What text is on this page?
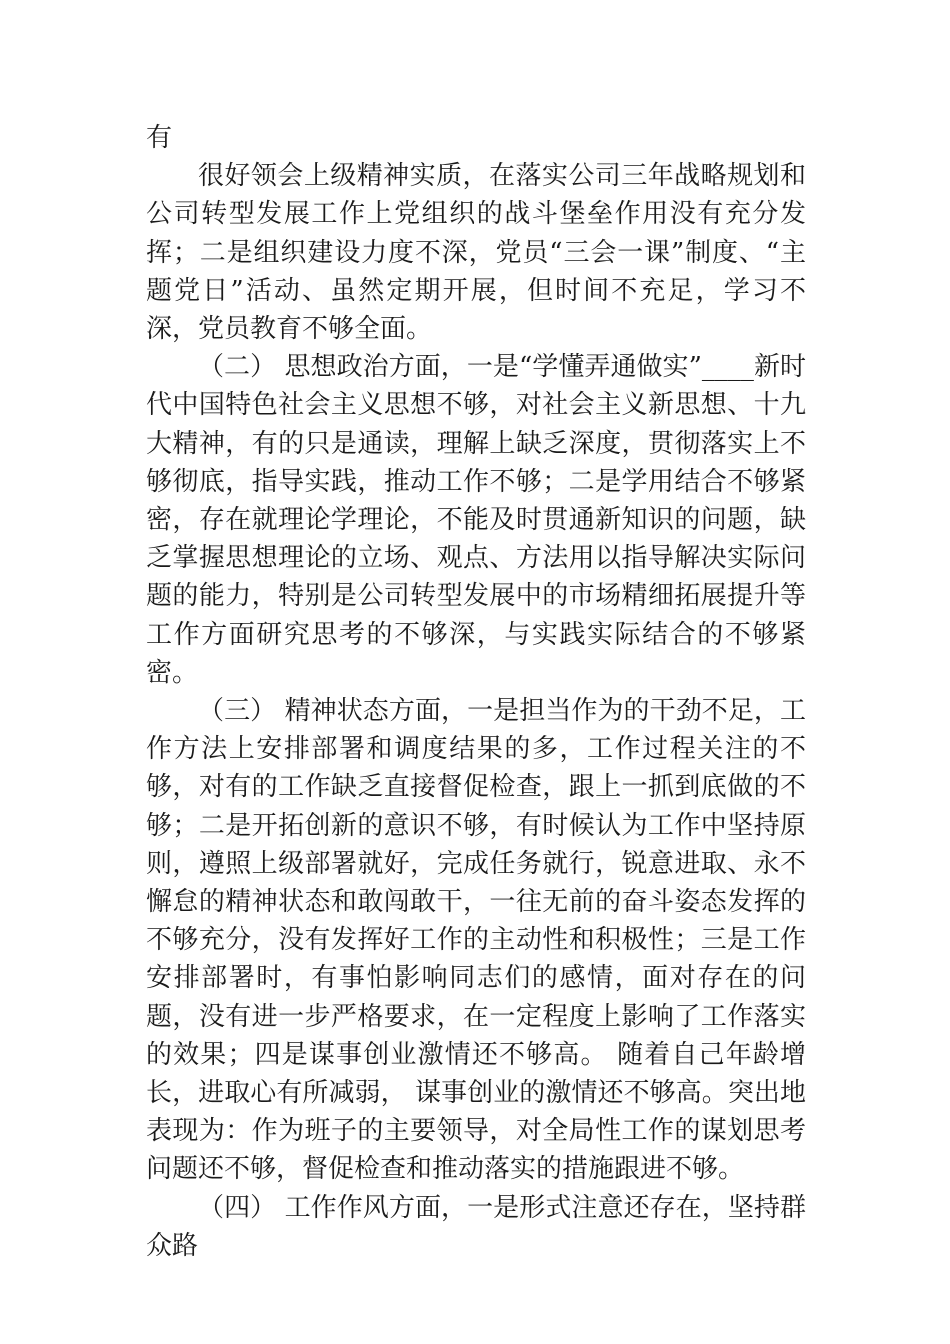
有

很好领会上级精神实质，在落实公司三年战略规划和公司转型发展工作上党组织的战斗堡垒作用没有充分发挥；二是组织建设力度不深，党员“三会一课”制度、“主题党日”活动、虽然定期开展，但时间不充足，学习不深，党员教育不够全面。

（二） 思想政治方面，一是“学懂弄通做实”____新时代中国特色社会主义思想不够，对社会主义新思想、十九大精神，有的只是通读，理解上缺乏深度，贯彻落实上不够彻底，指导实践，推动工作不够；二是学用结合不够紧密，存在就理论学理论，不能及时贯通新知识的问题，缺乏掌握思想理论的立场、观点、方法用以指导解决实际问题的能力，特别是公司转型发展中的市场精细拓展提升等工作方面研究思考的不够深，与实践实际结合的不够紧密。

（三） 精神状态方面，一是担当作为的干劲不足，工作方法上安排部署和调度结果的多，工作过程关注的不够，对有的工作缺乏直接督促检查，跟上一抓到底做的不够；二是开拓创新的意识不够，有时候认为工作中坚持原则，遵照上级部署就好，完成任务就行，锐意进取、永不懈怠的精神状态和敢闯敢干，一往无前的奋斗姿态发挥的不够充分，没有发挥好工作的主动性和积极性；三是工作安排部署时，有事怕影响同志们的感情，面对存在的问题，没有进一步严格要求，在一定程度上影响了工作落实的效果；四是谋事创业激情还不够高。 随着自己年龄增长，进取心有所减弱， 谋事创业的激情还不够高。突出地表现为：作为班子的主要领导，对全局性工作的谋划思考问题还不够，督促检查和推动落实的措施跟进不够。

（四） 工作作风方面，一是形式注意还存在，坚持群众路
